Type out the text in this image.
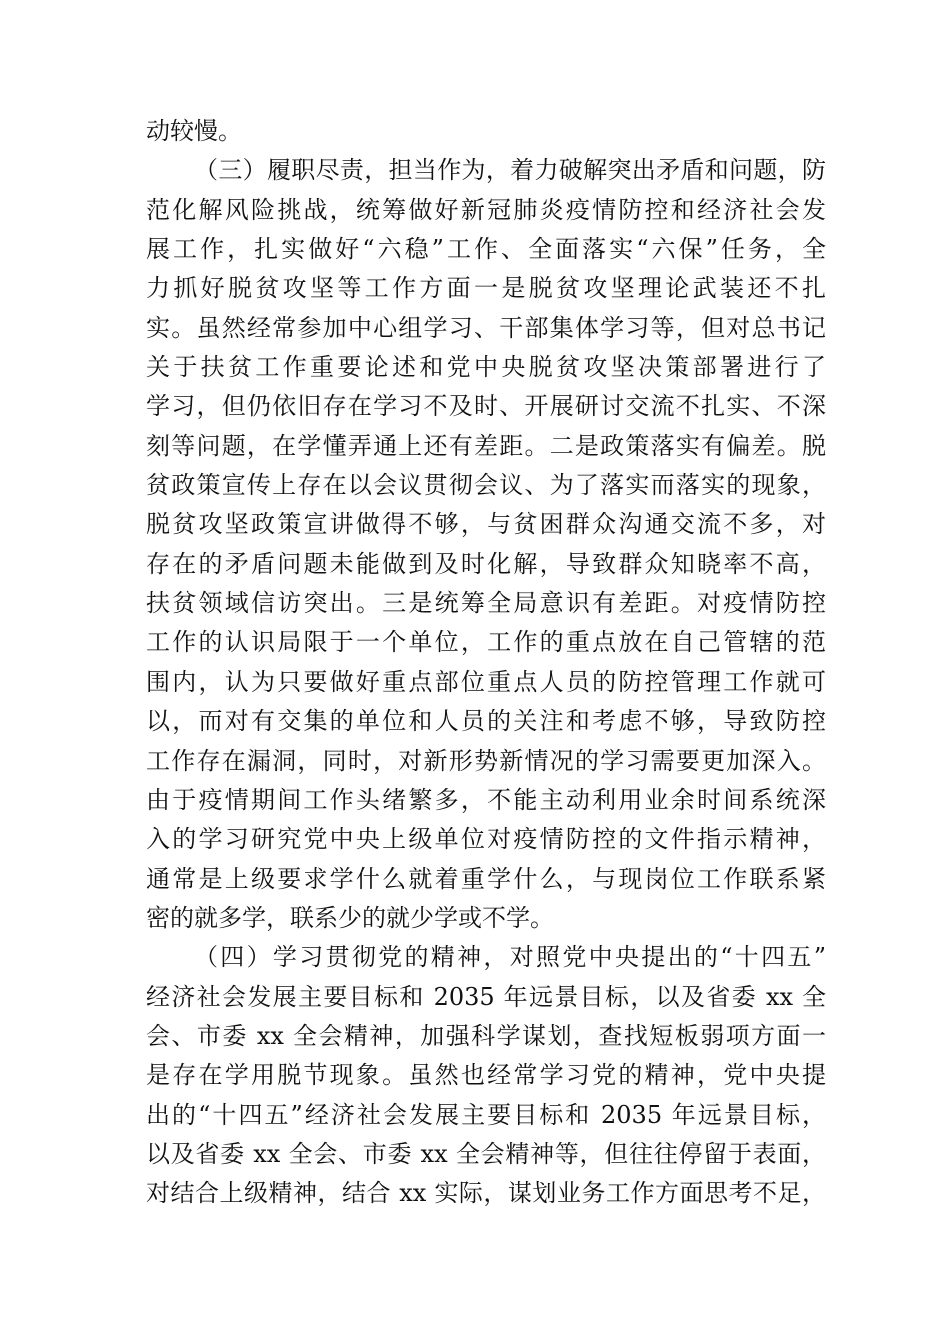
动较慢。
（三）履职尽责，担当作为，着力破解突出矛盾和问题，防
范化解风险挑战，统筹做好新冠肺炎疫情防控和经济社会发
展工作，扎实做好“六稳”工作、全面落实“六保”任务，全
力抓好脱贫攻坚等工作方面一是脱贫攻坚理论武装还不扎
实。虽然经常参加中心组学习、干部集体学习等，但对总书记
关于扶贫工作重要论述和党中央脱贫攻坚决策部署进行了
学习，但仍依旧存在学习不及时、开展研讨交流不扎实、不深
刻等问题，在学懂弄通上还有差距。二是政策落实有偏差。脱
贫政策宣传上存在以会议贯彻会议、为了落实而落实的现象，
脱贫攻坚政策宣讲做得不够，与贫困群众沟通交流不多，对
存在的矛盾问题未能做到及时化解，导致群众知晓率不高，
扶贫领域信访突出。三是统筹全局意识有差距。对疫情防控
工作的认识局限于一个单位，工作的重点放在自己管辖的范
围内，认为只要做好重点部位重点人员的防控管理工作就可
以，而对有交集的单位和人员的关注和考虑不够，导致防控
工作存在漏洞，同时，对新形势新情况的学习需要更加深入。
由于疫情期间工作头绪繁多，不能主动利用业余时间系统深
入的学习研究党中央上级单位对疫情防控的文件指示精神，
通常是上级要求学什么就着重学什么，与现岗位工作联系紧
密的就多学，联系少的就少学或不学。
（四）学习贯彻党的精神，对照党中央提出的“十四五”
经济社会发展主要目标和 2035 年远景目标，以及省委 xx 全
会、市委 xx 全会精神，加强科学谋划，查找短板弱项方面一
是存在学用脱节现象。虽然也经常学习党的精神，党中央提
出的“十四五”经济社会发展主要目标和 2035 年远景目标，
以及省委 xx 全会、市委 xx 全会精神等，但往往停留于表面，
对结合上级精神，结合 xx 实际，谋划业务工作方面思考不足，
